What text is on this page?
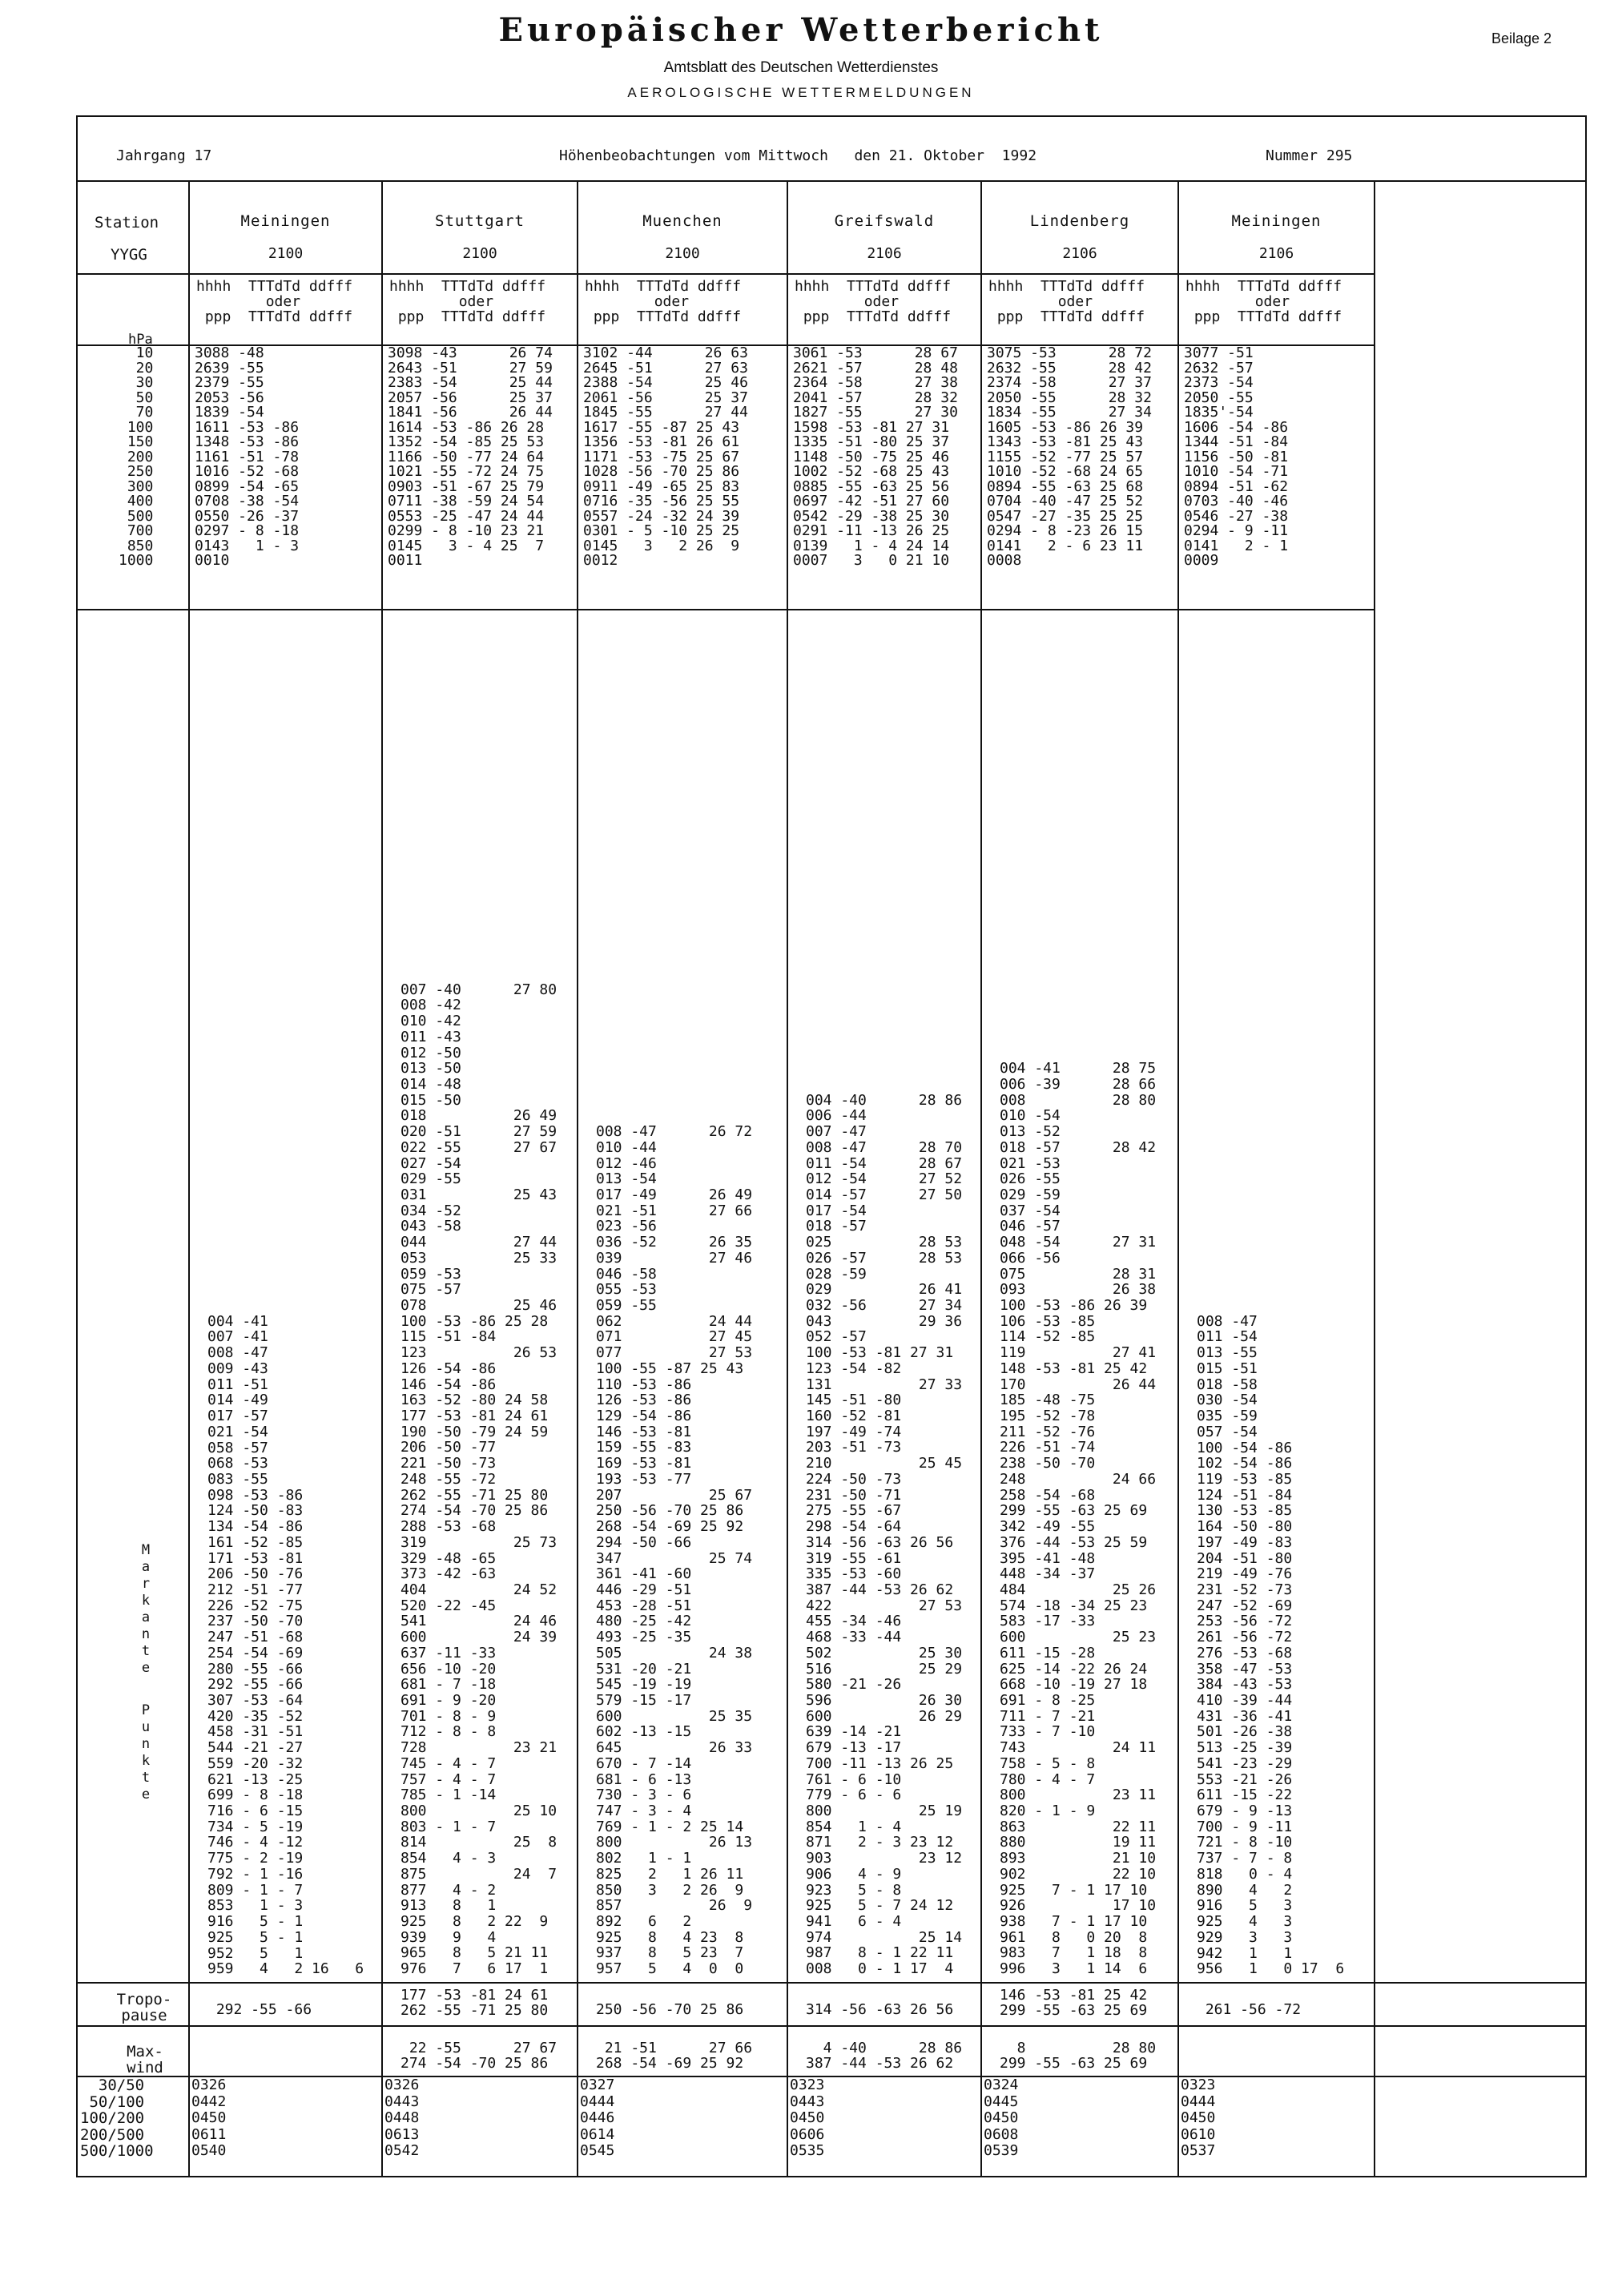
Europäischer Wetterbericht
Amtsblatt des Deutschen Wetterdienstes
AEROLOGISCHE WETTERMELDUNGEN
Beilage 2
Jahrgang 17	Höhenbeobachtungen vom Mittwoch   den 21. Oktober  1992	Nummer 295
Station
YYGG
hPa
10
20
30
50
70
100
150
200
250
300
400
500
700
850
1000
M
a
r
k
a
n
t
e
P
u
n
k
t
e
Tropo-
pause
Max-
wind
30/50
50/100
100/200
200/500
500/1000
Meiningen
2100
hhhh  TTTdTd ddfff
oder
ppp  TTTdTd ddfff
3088 -48
2639 -55
2379 -55
2053 -56
1839 -54
1611 -53 -86
1348 -53 -86
1161 -51 -78
1016 -52 -68
0899 -54 -65
0708 -38 -54
0550 -26 -37
0297 - 8 -18
0143   1 - 3
0010
004 -41
007 -41
008 -47
009 -43
011 -51
014 -49
017 -57
021 -54
058 -57
068 -53
083 -55
098 -53 -86
124 -50 -83
134 -54 -86
161 -52 -85
171 -53 -81
206 -50 -76
212 -51 -77
226 -52 -75
237 -50 -70
247 -51 -68
254 -54 -69
280 -55 -66
292 -55 -66
307 -53 -64
420 -35 -52
458 -31 -51
544 -21 -27
559 -20 -32
621 -13 -25
699 - 8 -18
716 - 6 -15
734 - 5 -19
746 - 4 -12
775 - 2 -19
792 - 1 -16
809 - 1 - 7
853   1 - 3
916   5 - 1
925   5 - 1
952   5   1
959   4   2 16   6
292 -55 -66
0326
0442
0450
0611
0540
Stuttgart
2100
hhhh  TTTdTd ddfff
oder
ppp  TTTdTd ddfff
3098 -43      26 74
2643 -51      27 59
2383 -54      25 44
2057 -56      25 37
1841 -56      26 44
1614 -53 -86 26 28
1352 -54 -85 25 53
1166 -50 -77 24 64
1021 -55 -72 24 75
0903 -51 -67 25 79
0711 -38 -59 24 54
0553 -25 -47 24 44
0299 - 8 -10 23 21
0145   3 - 4 25  7
0011
007 -40      27 80
008 -42
010 -42
011 -43
012 -50
013 -50
014 -48
015 -50
018          26 49
020 -51      27 59
022 -55      27 67
027 -54
029 -55
031          25 43
034 -52
043 -58
044          27 44
053          25 33
059 -53
075 -57
078          25 46
100 -53 -86 25 28
115 -51 -84
123          26 53
126 -54 -86
146 -54 -86
163 -52 -80 24 58
177 -53 -81 24 61
190 -50 -79 24 59
206 -50 -77
221 -50 -73
248 -55 -72
262 -55 -71 25 80
274 -54 -70 25 86
288 -53 -68
319          25 73
329 -48 -65
373 -42 -63
404          24 52
520 -22 -45
541          24 46
600          24 39
637 -11 -33
656 -10 -20
681 - 7 -18
691 - 9 -20
701 - 8 - 9
712 - 8 - 8
728          23 21
745 - 4 - 7
757 - 4 - 7
785 - 1 -14
800          25 10
803 - 1 - 7
814          25  8
854   4 - 3
875          24  7
877   4 - 2
913   8   1
925   8   2 22  9
939   9   4
965   8   5 21 11
976   7   6 17  1
177 -53 -81 24 61
262 -55 -71 25 80
22 -55      27 67
274 -54 -70 25 86
0326
0443
0448
0613
0542
Muenchen
2100
hhhh  TTTdTd ddfff
oder
ppp  TTTdTd ddfff
3102 -44      26 63
2645 -51      27 63
2388 -54      25 46
2061 -56      25 37
1845 -55      27 44
1617 -55 -87 25 43
1356 -53 -81 26 61
1171 -53 -75 25 67
1028 -56 -70 25 86
0911 -49 -65 25 83
0716 -35 -56 25 55
0557 -24 -32 24 39
0301 - 5 -10 25 25
0145   3   2 26  9
0012
008 -47      26 72
010 -44
012 -46
013 -54
017 -49      26 49
021 -51      27 66
023 -56
036 -52      26 35
039          27 46
046 -58
055 -53
059 -55
062          24 44
071          27 45
077          27 53
100 -55 -87 25 43
110 -53 -86
126 -53 -86
129 -54 -86
146 -53 -81
159 -55 -83
169 -53 -81
193 -53 -77
207          25 67
250 -56 -70 25 86
268 -54 -69 25 92
294 -50 -66
347          25 74
361 -41 -60
446 -29 -51
453 -28 -51
480 -25 -42
493 -25 -35
505          24 38
531 -20 -21
545 -19 -19
579 -15 -17
600          25 35
602 -13 -15
645          26 33
670 - 7 -14
681 - 6 -13
730 - 3 - 6
747 - 3 - 4
769 - 1 - 2 25 14
800          26 13
802   1 - 1
825   2   1 26 11
850   3   2 26  9
857          26  9
892   6   2
925   8   4 23  8
937   8   5 23  7
957   5   4  0  0
250 -56 -70 25 86
21 -51      27 66
268 -54 -69 25 92
0327
0444
0446
0614
0545
Greifswald
2106
hhhh  TTTdTd ddfff
oder
ppp  TTTdTd ddfff
3061 -53      28 67
2621 -57      28 48
2364 -58      27 38
2041 -57      28 32
1827 -55      27 30
1598 -53 -81 27 31
1335 -51 -80 25 37
1148 -50 -75 25 46
1002 -52 -68 25 43
0885 -55 -63 25 56
0697 -42 -51 27 60
0542 -29 -38 25 30
0291 -11 -13 26 25
0139   1 - 4 24 14
0007   3   0 21 10
004 -40      28 86
006 -44
007 -47
008 -47      28 70
011 -54      28 67
012 -54      27 52
014 -57      27 50
017 -54
018 -57
025          28 53
026 -57      28 53
028 -59
029          26 41
032 -56      27 34
043          29 36
052 -57
100 -53 -81 27 31
123 -54 -82
131          27 33
145 -51 -80
160 -52 -81
197 -49 -74
203 -51 -73
210          25 45
224 -50 -73
231 -50 -71
275 -55 -67
298 -54 -64
314 -56 -63 26 56
319 -55 -61
335 -53 -60
387 -44 -53 26 62
422          27 53
455 -34 -46
468 -33 -44
502          25 30
516          25 29
580 -21 -26
596          26 30
600          26 29
639 -14 -21
679 -13 -17
700 -11 -13 26 25
761 - 6 -10
779 - 6 - 6
800          25 19
854   1 - 4
871   2 - 3 23 12
903          23 12
906   4 - 9
923   5 - 8
925   5 - 7 24 12
941   6 - 4
974          25 14
987   8 - 1 22 11
008   0 - 1 17  4
314 -56 -63 26 56
4 -40      28 86
387 -44 -53 26 62
0323
0443
0450
0606
0535
Lindenberg
2106
hhhh  TTTdTd ddfff
oder
ppp  TTTdTd ddfff
3075 -53      28 72
2632 -55      28 42
2374 -58      27 37
2050 -55      28 32
1834 -55      27 34
1605 -53 -86 26 39
1343 -53 -81 25 43
1155 -52 -77 25 57
1010 -52 -68 24 65
0894 -55 -63 25 68
0704 -40 -47 25 52
0547 -27 -35 25 25
0294 - 8 -23 26 15
0141   2 - 6 23 11
0008
004 -41      28 75
006 -39      28 66
008          28 80
010 -54
013 -52
018 -57      28 42
021 -53
026 -55
029 -59
037 -54
046 -57
048 -54      27 31
066 -56
075          28 31
093          26 38
100 -53 -86 26 39
106 -53 -85
114 -52 -85
119          27 41
148 -53 -81 25 42
170          26 44
185 -48 -75
195 -52 -78
211 -52 -76
226 -51 -74
238 -50 -70
248          24 66
258 -54 -68
299 -55 -63 25 69
342 -49 -55
376 -44 -53 25 59
395 -41 -48
448 -34 -37
484          25 26
574 -18 -34 25 23
583 -17 -33
600          25 23
611 -15 -28
625 -14 -22 26 24
668 -10 -19 27 18
691 - 8 -25
711 - 7 -21
733 - 7 -10
743          24 11
758 - 5 - 8
780 - 4 - 7
800          23 11
820 - 1 - 9
863          22 11
880          19 11
893          21 10
902          22 10
925   7 - 1 17 10
926          17 10
938   7 - 1 17 10
961   8   0 20  8
983   7   1 18  8
996   3   1 14  6
146 -53 -81 25 42
299 -55 -63 25 69
8          28 80
299 -55 -63 25 69
0324
0445
0450
0608
0539
Meiningen
2106
hhhh  TTTdTd ddfff
oder
ppp  TTTdTd ddfff
3077 -51
2632 -57
2373 -54
2050 -55
1835'-54
1606 -54 -86
1344 -51 -84
1156 -50 -81
1010 -54 -71
0894 -51 -62
0703 -40 -46
0546 -27 -38
0294 - 9 -11
0141   2 - 1
0009
008 -47
011 -54
013 -55
015 -51
018 -58
030 -54
035 -59
057 -54
100 -54 -86
102 -54 -86
119 -53 -85
124 -51 -84
130 -53 -85
164 -50 -80
197 -49 -83
204 -51 -80
219 -49 -76
231 -52 -73
247 -52 -69
253 -56 -72
261 -56 -72
276 -53 -68
358 -47 -53
384 -43 -53
410 -39 -44
431 -36 -41
501 -26 -38
513 -25 -39
541 -23 -29
553 -21 -26
611 -15 -22
679 - 9 -13
700 - 9 -11
721 - 8 -10
737 - 7 - 8
818   0 - 4
890   4   2
916   5   3
925   4   3
929   3   3
942   1   1
956   1   0 17  6
261 -56 -72
0323
0444
0450
0610
0537
